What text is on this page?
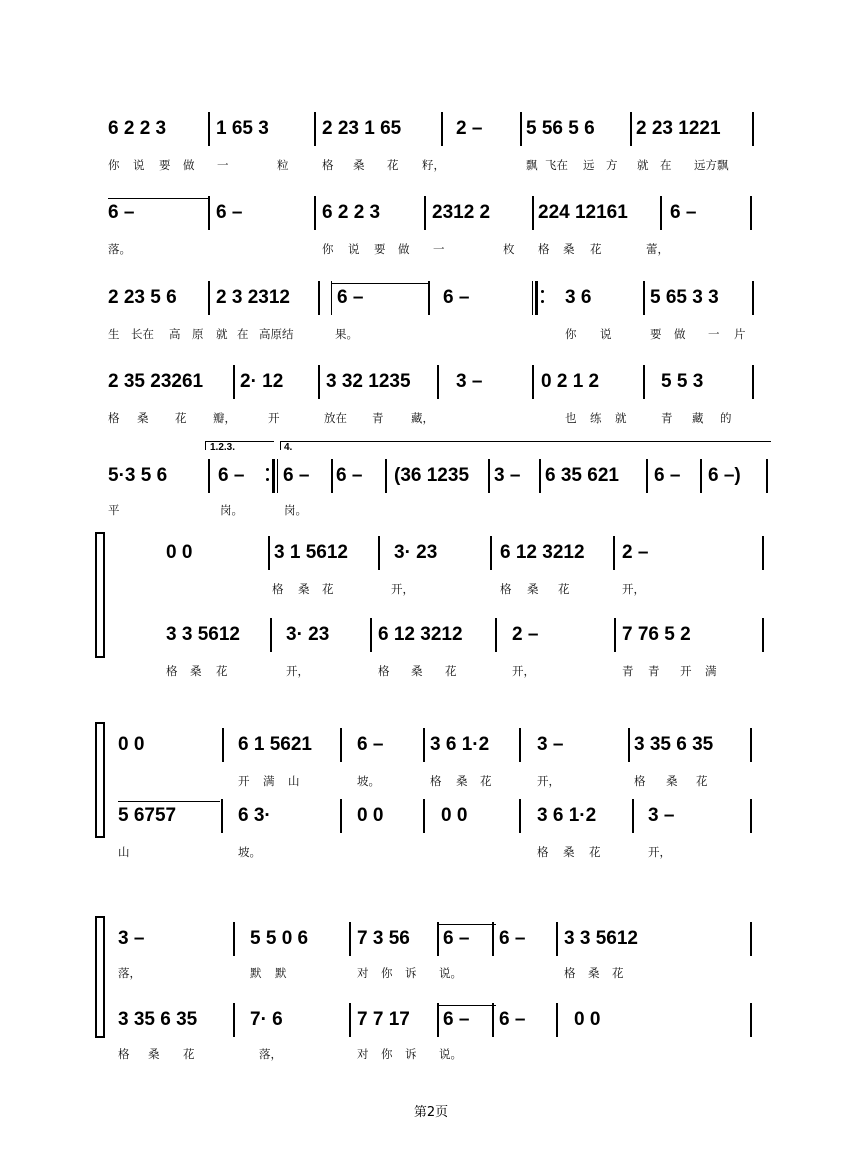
6 2 2 3	1 65 3	2 23 1 65	2 – 5 56 5 6 2 23 1221
你 说 要 做 一	粒	格 桑 花 籽，	飘 飞在 远 方 就 在 远方飘
6 –	6 –	6 2 2 3	2312 2	224 12161 6 –
落。	你 说 要 做 一	枚 格 桑 花	蕾，
2 23 5 6 2 3 2312 6 –	6 –	3 6	5 65 3 3
生 长在 高 原 就 在 高原结	果。	你 说	要 做 一 片
2 35 23261 2· 12 3 32 1235 3 –	0 2 1 2	5 5 3
格 桑 花 瓣，	开	放在 青 藏，	也 练 就	青 藏 的
1.2.3.	4.
5·3 5 6	6 – 6 – 6 – (36 1235 3 – 6 35 621 6 – 6 –)
平	岗。	岗。
0 0	3 1 5612 3· 23	6 12 3212 2 –
格 桑 花	开，	格 桑 花	开，
3 3 5612 3· 23	6 12 3212	2 –	7 76 5 2
格 桑 花	开，	格 桑 花	开，	青 青 开 满
0 0	6 1 5621 6 – 3 6 1·2	3 –	3 35 6 35
开 满 山	坡。	格 桑 花	开，	格 桑 花
5 6757	6 3·	0 0	0 0	3 6 1·2	3 –
山	坡。	格 桑 花	开，
3 –	5 5 0 6	7 3 56 6 – 6 – 3 3 5612
落，	默 默	对 你 诉 说。	格 桑 花
3 35 6 35	7· 6	7 7 17 6 – 6 –	0 0
格 桑 花	落，	对 你 诉 说。
第2页
